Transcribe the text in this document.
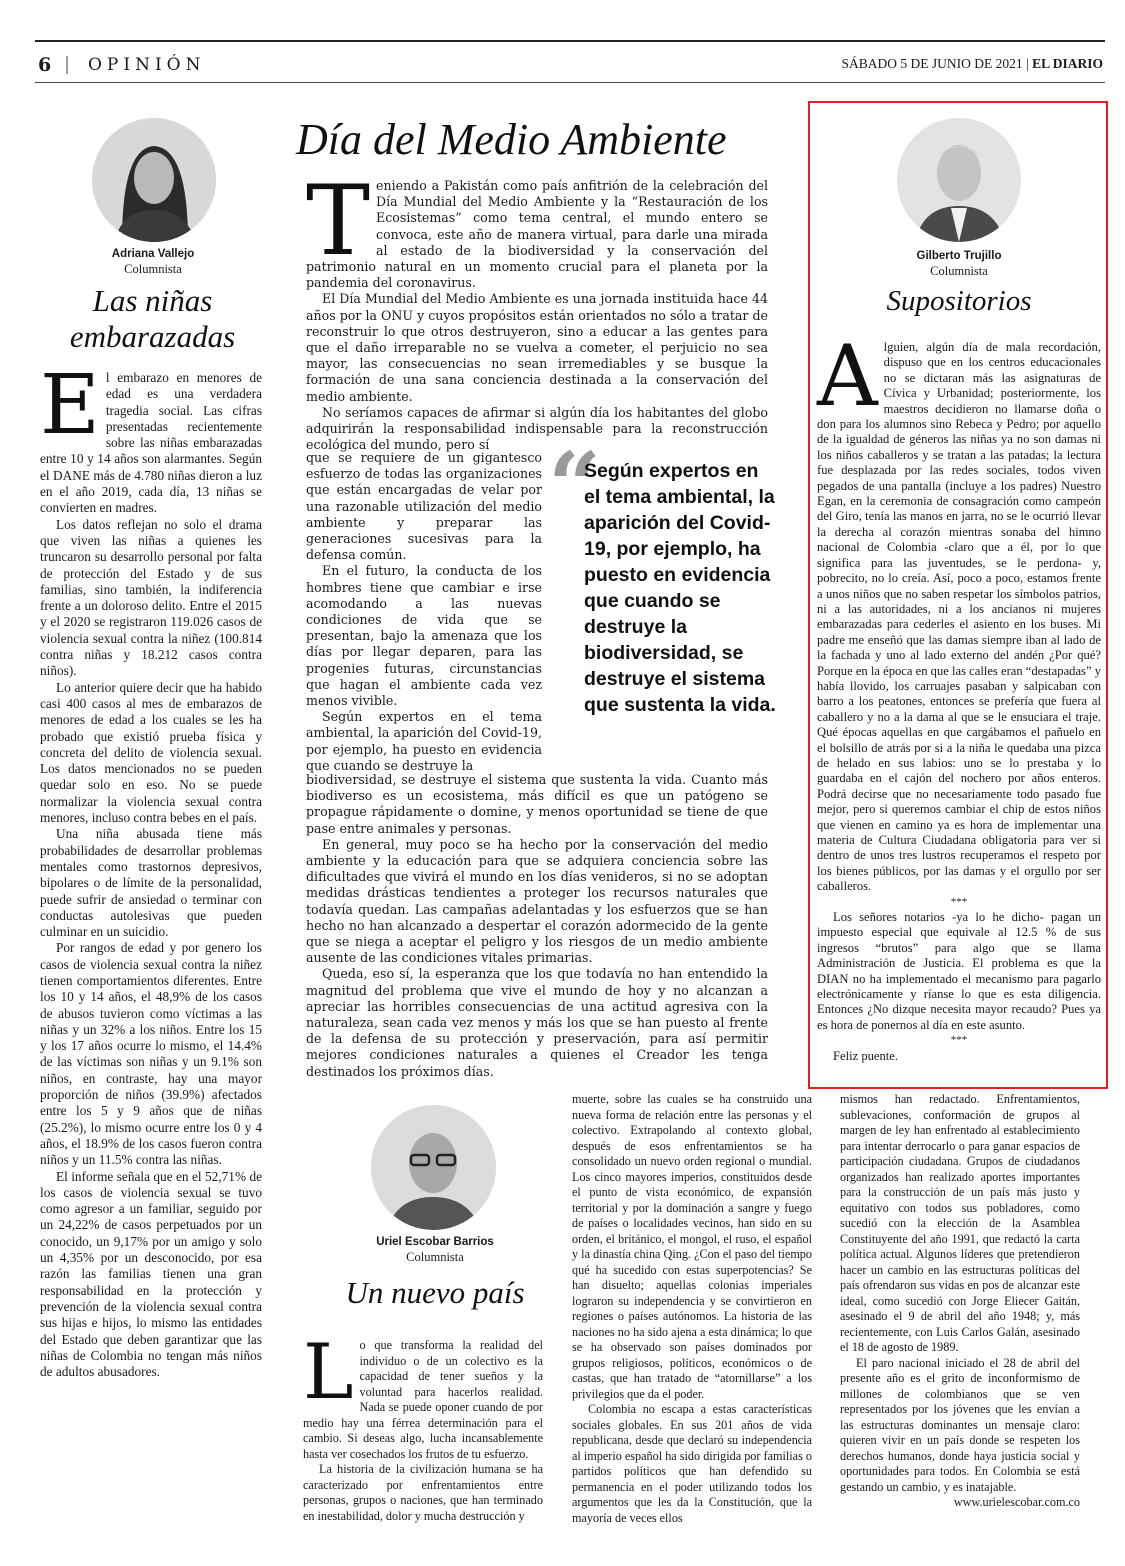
6 | OPINIÓN	SÁBADO 5 DE JUNIO DE 2021 | EL DIARIO
Adriana Vallejo
Columnista
Las niñas
embarazadas
E l embarazo en menores de edad es una verdadera tragedia social. Las cifras presentadas recientemente sobre las niñas embarazadas entre 10 y 14 años son alarmantes. Según el DANE más de 4.780 niñas dieron a luz en el año 2019, cada día, 13 niñas se convierten en madres.

Los datos reflejan no solo el drama que viven las niñas a quienes les truncaron su desarrollo personal por falta de protección del Estado y de sus familias, sino también, la indiferencia frente a un doloroso delito. Entre el 2015 y el 2020 se registraron 119.026 casos de violencia sexual contra la niñez (100.814 contra niñas y 18.212 casos contra niños).

Lo anterior quiere decir que ha habido casi 400 casos al mes de embarazos de menores de edad a los cuales se les ha probado que existió prueba física y concreta del delito de violencia sexual. Los datos mencionados no se pueden quedar solo en eso. No se puede normalizar la violencia sexual contra menores, incluso contra bebes en el país.

Una niña abusada tiene más probabilidades de desarrollar problemas mentales como trastornos depresivos, bipolares o de límite de la personalidad, puede sufrir de ansiedad o terminar con conductas autolesivas que pueden culminar en un suicidio.

Por rangos de edad y por genero los casos de violencia sexual contra la niñez tienen comportamientos diferentes. Entre los 10 y 14 años, el 48,9% de los casos de abusos tuvieron como víctimas a las niñas y un 32% a los niños. Entre los 15 y los 17 años ocurre lo mismo, el 14.4% de las víctimas son niñas y un 9.1% son niños, en contraste, hay una mayor proporción de niños (39.9%) afectados entre los 5 y 9 años que de niñas (25.2%), lo mismo ocurre entre los 0 y 4 años, el 18.9% de los casos fueron contra niños y un 11.5% contra las niñas.

El informe señala que en el 52,71% de los casos de violencia sexual se tuvo como agresor a un familiar, seguido por un 24,22% de casos perpetuados por un conocido, un 9,17% por un amigo y solo un 4,35% por un desconocido, por esa razón las familias tienen una gran responsabilidad en la protección y prevención de la violencia sexual contra sus hijas e hijos, lo mismo las entidades del Estado que deben garantizar que las niñas de Colombia no tengan más niños de adultos abusadores.

Día del Medio Ambiente
T eniendo a Pakistán como país anfitrión de la celebración del Día Mundial del Medio Ambiente y la “Restauración de los Ecosistemas” como tema central, el mundo entero se convoca, este año de manera virtual, para darle una mirada al estado de la biodiversidad y la conservación del patrimonio natural en un momento crucial para el planeta por la pandemia del coronavirus.

El Día Mundial del Medio Ambiente es una jornada instituida hace 44 años por la ONU y cuyos propósitos están orientados no sólo a tratar de reconstruir lo que otros destruyeron, sino a educar a las gentes para que el daño irreparable no se vuelva a cometer, el perjuicio no sea mayor, las consecuencias no sean irremediables y se busque la formación de una sana conciencia destinada a la conservación del medio ambiente.

No seríamos capaces de afirmar si algún día los habitantes del globo adquirirán la responsabilidad indispensable para la reconstrucción ecológica del mundo, pero sí

que se requiere de un gigantesco esfuerzo de todas las organizaciones que están encargadas de velar por una razonable utilización del medio ambiente y preparar las generaciones sucesivas para la defensa común.

En el futuro, la conducta de los hombres tiene que cambiar e irse acomodando a las nuevas condiciones de vida que se presentan, bajo la amenaza que los días por llegar deparen, para las progenies futuras, circunstancias que hagan el ambiente cada vez menos vivible.

Según expertos en el tema ambiental, la aparición del Covid-19, por ejemplo, ha puesto en evidencia que cuando se destruye la

“
Según expertos en el tema ambiental, la aparición del Covid-19, por ejemplo, ha puesto en evidencia que cuando se destruye la biodiversidad, se destruye el sistema que sustenta la vida.

biodiversidad, se destruye el sistema que sustenta la vida. Cuanto más biodiverso es un ecosistema, más difícil es que un patógeno se propague rápidamente o domine, y menos oportunidad se tiene de que pase entre animales y personas.

En general, muy poco se ha hecho por la conservación del medio ambiente y la educación para que se adquiera conciencia sobre las dificultades que vivirá el mundo en los días venideros, si no se adoptan medidas drásticas tendientes a proteger los recursos naturales que todavía quedan. Las campañas adelantadas y los esfuerzos que se han hecho no han alcanzado a despertar el corazón adormecido de la gente que se niega a aceptar el peligro y los riesgos de un medio ambiente ausente de las condiciones vitales primarias.

Queda, eso sí, la esperanza que los que todavía no han entendido la magnitud del problema que vive el mundo de hoy y no alcanzan a apreciar las horribles consecuencias de una actitud agresiva con la naturaleza, sean cada vez menos y más los que se han puesto al frente de la defensa de su protección y preservación, para así permitir mejores condiciones naturales a quienes el Creador les tenga destinados los próximos días.

Gilberto Trujillo
Columnista
Supositorios
A lguien, algún día de mala recordación, dispuso que en los centros educacionales no se dictaran más las asignaturas de Cívica y Urbanidad; posteriormente, los maestros decidieron no llamarse doña o don para los alumnos sino Rebeca y Pedro; por aquello de la igualdad de géneros las niñas ya no son damas ni los niños caballeros y se tratan a las patadas; la lectura fue desplazada por las redes sociales, todos viven pegados de una pantalla (incluye a los padres) Nuestro Egan, en la ceremonia de consagración como campeón del Giro, tenía las manos en jarra, no se le ocurrió llevar la derecha al corazón mientras sonaba del himno nacional de Colombia -claro que a él, por lo que significa para las juventudes, se le perdona- y, pobrecito, no lo creía. Así, poco a poco, estamos frente a unos niños que no saben respetar los símbolos patrios, ni a las autoridades, ni a los ancianos ni mujeres embarazadas para cederles el asiento en los buses. Mi padre me enseñó que las damas siempre iban al lado de la fachada y uno al lado externo del andén ¿Por qué? Porque en la época en que las calles eran “destapadas” y había llovido, los carruajes pasaban y salpicaban con barro a los peatones, entonces se prefería que fuera al caballero y no a la dama al que se le ensuciara el traje. Qué épocas aquellas en que cargábamos el pañuelo en el bolsillo de atrás por si a la niña le quedaba una pizca de helado en sus labios: uno se lo prestaba y lo guardaba en el cajón del nochero por años enteros. Podrá decirse que no necesariamente todo pasado fue mejor, pero si queremos cambiar el chip de estos niños que vienen en camino ya es hora de implementar una materia de Cultura Ciudadana obligatoria para ver si dentro de unos tres lustros recuperamos el respeto por los bienes públicos, por las damas y el orgullo por ser caballeros.

***

Los señores notarios -ya lo he dicho- pagan un impuesto especial que equivale al 12.5 % de sus ingresos “brutos” para algo que se llama Administración de Justicia. El problema es que la DIAN no ha implementado el mecanismo para pagarlo electrónicamente y ríanse lo que es esta diligencia. Entonces ¿No dizque necesita mayor recaudo? Pues ya es hora de ponernos al día en este asunto.

***

Feliz puente.

Uriel Escobar Barrios
Columnista
Un nuevo país
L o que transforma la realidad del individuo o de un colectivo es la capacidad de tener sueños y la voluntad para hacerlos realidad. Nada se puede oponer cuando de por medio hay una férrea determinación para el cambio. Si deseas algo, lucha incansablemente hasta ver cosechados los frutos de tu esfuerzo.

La historia de la civilización humana se ha caracterizado por enfrentamientos entre personas, grupos o naciones, que han terminado en inestabilidad, dolor y mucha destrucción y

muerte, sobre las cuales se ha construido una nueva forma de relación entre las personas y el colectivo. Extrapolando al contexto global, después de esos enfrentamientos se ha consolidado un nuevo orden regional o mundial. Los cinco mayores imperios, constituidos desde el punto de vista económico, de expansión territorial y por la dominación a sangre y fuego de países o localidades vecinos, han sido en su orden, el británico, el mongol, el ruso, el español y la dinastía china Qing. ¿Con el paso del tiempo qué ha sucedido con estas superpotencias? Se han disuelto; aquellas colonias imperiales lograron su independencia y se convirtieron en regiones o países autónomos. La historia de las naciones no ha sido ajena a esta dinámica; lo que se ha observado son países dominados por grupos religiosos, políticos, económicos o de castas, que han tratado de “atornillarse” a los privilegios que da el poder.

Colombia no escapa a estas características sociales globales. En sus 201 años de vida republicana, desde que declaró su independencia al imperio español ha sido dirigida por familias o partidos políticos que han defendido su permanencia en el poder utilizando todos los argumentos que les da la Constitución, que la mayoría de veces ellos

mismos han redactado. Enfrentamientos, sublevaciones, conformación de grupos al margen de ley han enfrentado al establecimiento para intentar derrocarlo o para ganar espacios de participación ciudadana. Grupos de ciudadanos organizados han realizado aportes importantes para la construcción de un país más justo y equitativo con todos sus pobladores, como sucedió con la elección de la Asamblea Constituyente del año 1991, que redactó la carta política actual. Algunos líderes que pretendieron hacer un cambio en las estructuras políticas del país ofrendaron sus vidas en pos de alcanzar este ideal, como sucedió con Jorge Eliecer Gaitán, asesinado el 9 de abril del año 1948; y, más recientemente, con Luis Carlos Galán, asesinado el 18 de agosto de 1989.

El paro nacional iniciado el 28 de abril del presente año es el grito de inconformismo de millones de colombianos que se ven representados por los jóvenes que les envían a las estructuras dominantes un mensaje claro: quieren vivir en un país donde se respeten los derechos humanos, donde haya justicia social y oportunidades para todos. En Colombia se está gestando un cambio, y es inatajable.

www.urielescobar.com.co
